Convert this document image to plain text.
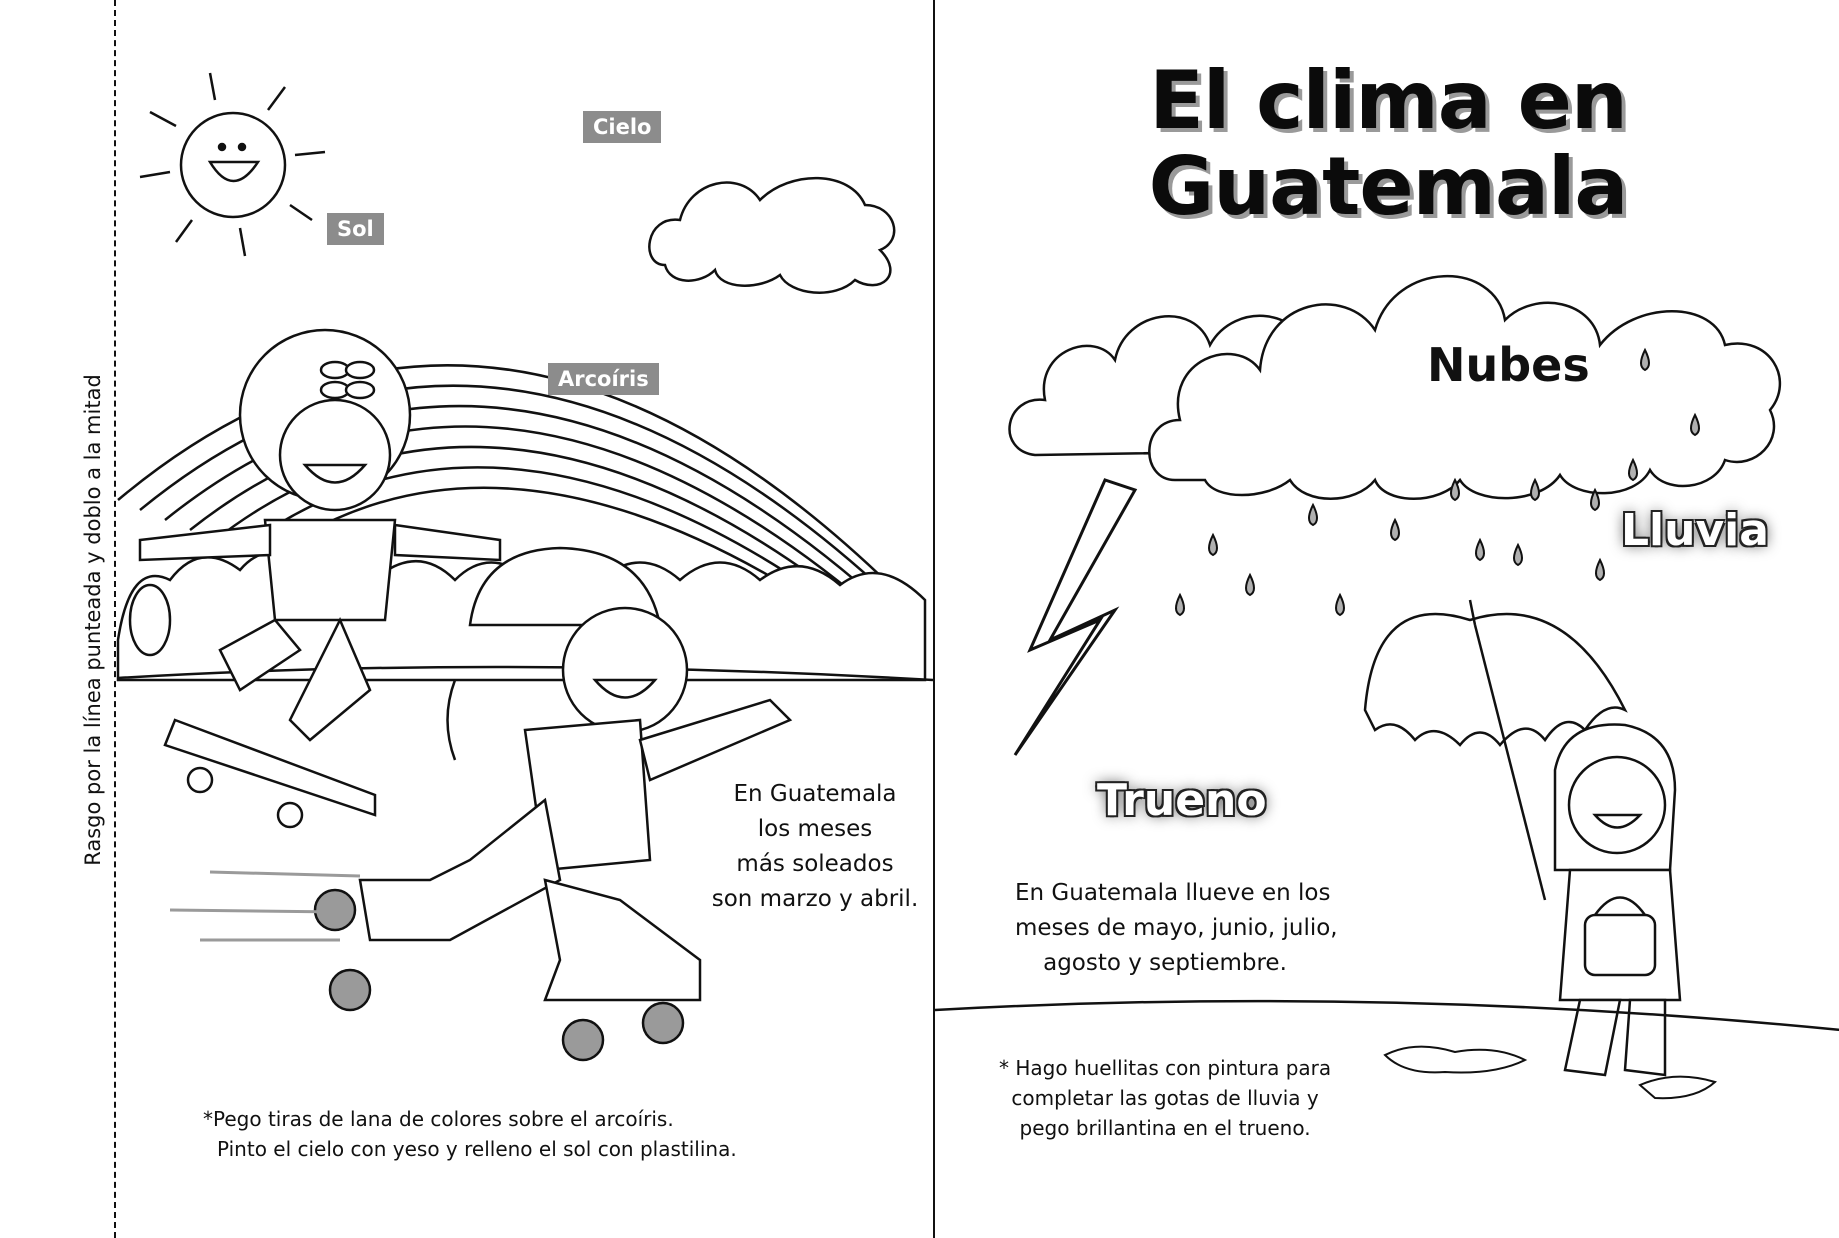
Rasgo por la línea punteada y doblo a la mitad
Sol
Cielo
Arcoíris
En Guatemala
los meses
más soleados
son marzo y abril.
*Pego tiras de lana de colores sobre el arcoíris.
Pinto el cielo con yeso y relleno el sol con plastilina.
El clima en
Guatemala
Nubes
Lluvia
Trueno
En Guatemala llueve en los
meses de mayo, junio, julio,
agosto y septiembre.
* Hago huellitas con pintura para
completar las gotas de lluvia y
pego brillantina en el trueno.
